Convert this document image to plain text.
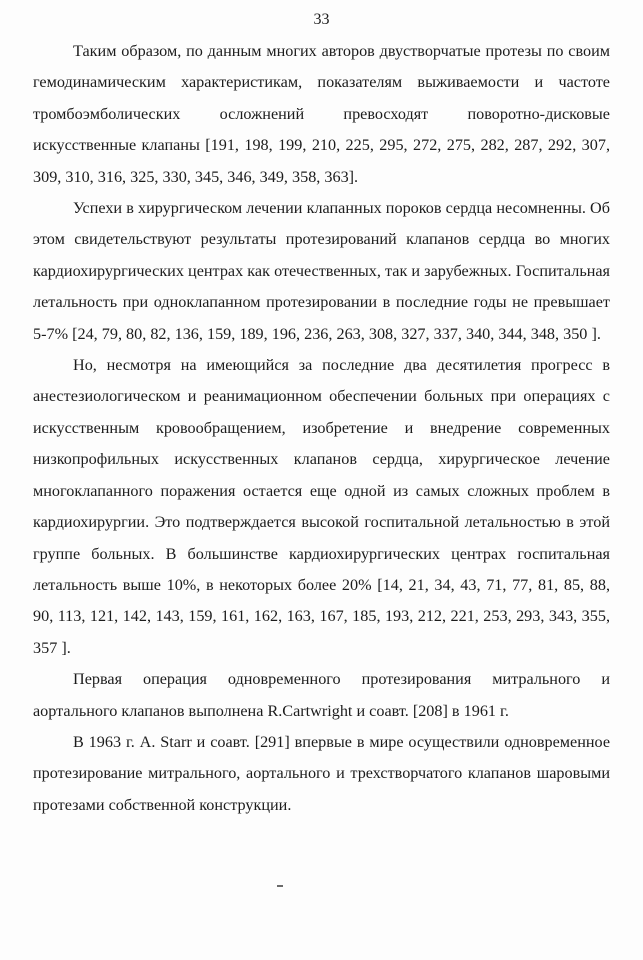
33

Таким образом, по данным многих авторов двустворчатые протезы по своим гемодинамическим характеристикам, показателям выживаемости и частоте тромбоэмболических осложнений превосходят поворотно-дисковые искусственные клапаны [191, 198, 199, 210, 225, 295, 272, 275, 282, 287, 292, 307, 309, 310, 316, 325, 330, 345, 346, 349, 358, 363].

Успехи в хирургическом лечении клапанных пороков сердца несомненны. Об этом свидетельствуют результаты протезирований клапанов сердца во многих кардиохирургических центрах как отечественных, так и зарубежных. Госпитальная летальность при одноклапанном протезировании в последние годы не превышает 5-7% [24, 79, 80, 82, 136, 159, 189, 196, 236, 263, 308, 327, 337, 340, 344, 348, 350 ].

Но, несмотря на имеющийся за последние два десятилетия прогресс в анестезиологическом и реанимационном обеспечении больных при операциях с искусственным кровообращением, изобретение и внедрение современных низкопрофильных искусственных клапанов сердца, хирургическое лечение многоклапанного поражения остается еще одной из самых сложных проблем в кардиохирургии. Это подтверждается высокой госпитальной летальностью в этой группе больных. В большинстве кардиохирургических центрах госпитальная летальность выше 10%, в некоторых более 20% [14, 21, 34, 43, 71, 77, 81, 85, 88, 90, 113, 121, 142, 143, 159, 161, 162, 163, 167, 185, 193, 212, 221, 253, 293, 343, 355, 357 ].

Первая операция одновременного протезирования митрального и аортального клапанов выполнена R.Cartwright и соавт. [208] в 1961 г.

В 1963 г. A. Starr и соавт. [291] впервые в мире осуществили одновременное протезирование митрального, аортального и трехстворчатого клапанов шаровыми протезами собственной конструкции.
